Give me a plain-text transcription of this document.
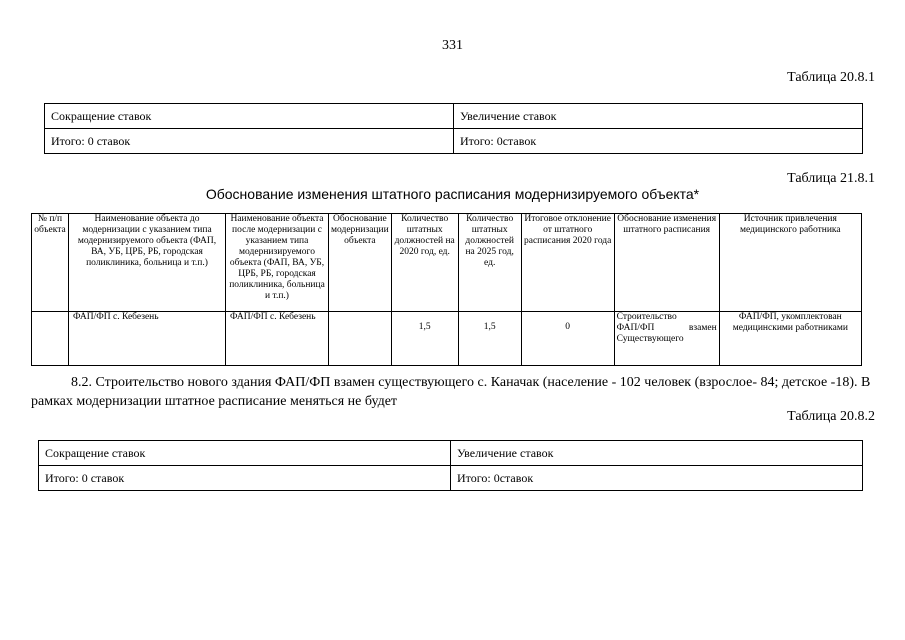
331
Таблица 20.8.1
Сокращение ставок	Увеличение ставок
Итого: 0 ставок	Итого: 0ставок
Таблица 21.8.1
Обоснование изменения штатного расписания модернизируемого объекта*
№ п/п объекта	Наименование объекта до модернизации с указанием типа модернизируемого объекта (ФАП, ВА, УБ, ЦРБ, РБ, городская поликлиника, больница и т.п.)	Наименование объекта после модернизации с указанием типа модернизируемого объекта (ФАП, ВА, УБ, ЦРБ, РБ, городская поликлиника, больница и т.п.)	Обоснование модернизации объекта	Количество штатных должностей на 2020 год, ед.	Количество штатных должностей на 2025 год, ед.	Итоговое отклонение от штатного расписания 2020 года	Обоснование изменения штатного расписания	Источник привлечения медицинского работника
	ФАП/ФП с. Кебезень	ФАП/ФП с. Кебезень		1,5	1,5	0	Строительство
ФАП/ФП взамен
Существующего	ФАП/ФП, укомплектован медицинскими работниками
8.2. Строительство нового здания ФАП/ФП взамен существующего с. Каначак (население - 102 человек (взрослое- 84; детское -18). В рамках модернизации штатное расписание меняться не будет
Таблица 20.8.2
Сокращение ставок	Увеличение ставок
Итого: 0 ставок	Итого: 0ставок
